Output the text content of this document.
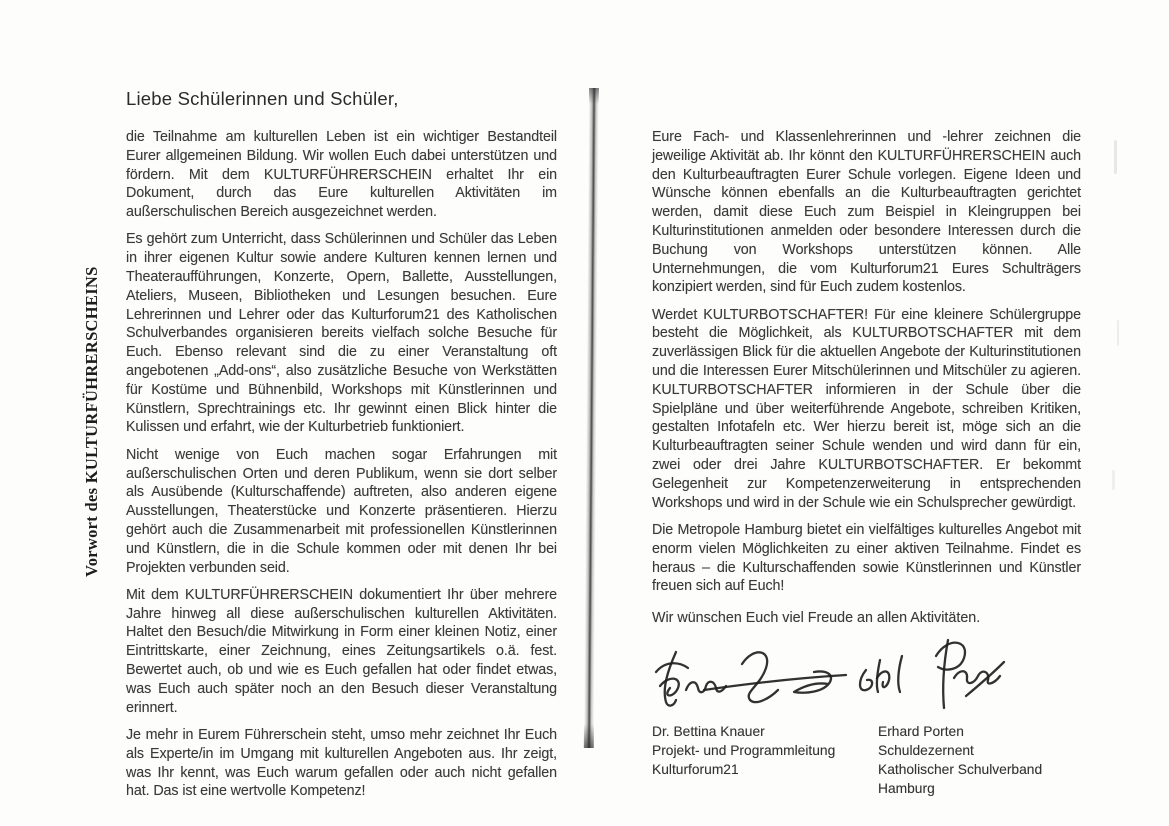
Vorwort des KULTURFÜHRERSCHEINS
Liebe Schülerinnen und Schüler,

die Teilnahme am kulturellen Leben ist ein wichtiger Bestandteil Eurer allgemeinen Bildung. Wir wollen Euch dabei unterstützen und fördern. Mit dem KULTURFÜHRERSCHEIN erhaltet Ihr ein Dokument, durch das Eure kulturellen Aktivitäten im außerschulischen Bereich ausgezeichnet werden.

Es gehört zum Unterricht, dass Schülerinnen und Schüler das Leben in ihrer eigenen Kultur sowie andere Kulturen kennen lernen und Theateraufführungen, Konzerte, Opern, Ballette, Ausstellungen, Ateliers, Museen, Bibliotheken und Lesungen besuchen. Eure Lehrerinnen und Lehrer oder das Kulturforum21 des Katholischen Schulverbandes organisieren bereits vielfach solche Besuche für Euch. Ebenso relevant sind die zu einer Veranstaltung oft angebotenen „Add-ons“, also zusätzliche Besuche von Werkstätten für Kostüme und Bühnenbild, Workshops mit Künstlerinnen und Künstlern, Sprechtrainings etc. Ihr gewinnt einen Blick hinter die Kulissen und erfahrt, wie der Kulturbetrieb funktioniert.

Nicht wenige von Euch machen sogar Erfahrungen mit außerschulischen Orten und deren Publikum, wenn sie dort selber als Ausübende (Kulturschaffende) auftreten, also anderen eigene Ausstellungen, Theaterstücke und Konzerte präsentieren. Hierzu gehört auch die Zusammenarbeit mit professionellen Künstlerinnen und Künstlern, die in die Schule kommen oder mit denen Ihr bei Projekten verbunden seid.

Mit dem KULTURFÜHRERSCHEIN dokumentiert Ihr über mehrere Jahre hinweg all diese außerschulischen kulturellen Aktivitäten. Haltet den Besuch/die Mitwirkung in Form einer kleinen Notiz, einer Eintrittskarte, einer Zeichnung, eines Zeitungsartikels o.ä. fest. Bewertet auch, ob und wie es Euch gefallen hat oder findet etwas, was Euch auch später noch an den Besuch dieser Veranstaltung erinnert.

Je mehr in Eurem Führerschein steht, umso mehr zeichnet Ihr Euch als Experte/in im Umgang mit kulturellen Angeboten aus. Ihr zeigt, was Ihr kennt, was Euch warum gefallen oder auch nicht gefallen hat. Das ist eine wertvolle Kompetenz!

Eure Fach- und Klassenlehrerinnen und -lehrer zeichnen die jeweilige Aktivität ab. Ihr könnt den KULTURFÜHRERSCHEIN auch den Kulturbeauftragten Eurer Schule vorlegen. Eigene Ideen und Wünsche können ebenfalls an die Kulturbeauftragten gerichtet werden, damit diese Euch zum Beispiel in Kleingruppen bei Kulturinstitutionen anmelden oder besondere Interessen durch die Buchung von Workshops unterstützen können. Alle Unternehmungen, die vom Kulturforum21 Eures Schulträgers konzipiert werden, sind für Euch zudem kostenlos.

Werdet KULTURBOTSCHAFTER! Für eine kleinere Schülergruppe besteht die Möglichkeit, als KULTURBOTSCHAFTER mit dem zuverlässigen Blick für die aktuellen Angebote der Kulturinstitutionen und die Interessen Eurer Mitschülerinnen und Mitschüler zu agieren. KULTURBOTSCHAFTER informieren in der Schule über die Spielpläne und über weiterführende Angebote, schreiben Kritiken, gestalten Infotafeln etc. Wer hierzu bereit ist, möge sich an die Kulturbeauftragten seiner Schule wenden und wird dann für ein, zwei oder drei Jahre KULTURBOTSCHAFTER. Er bekommt Gelegenheit zur Kompetenzerweiterung in entsprechenden Workshops und wird in der Schule wie ein Schulsprecher gewürdigt.

Die Metropole Hamburg bietet ein vielfältiges kulturelles Angebot mit enorm vielen Möglichkeiten zu einer aktiven Teilnahme. Findet es heraus – die Kulturschaffenden sowie Künstlerinnen und Künstler freuen sich auf Euch!

Wir wünschen Euch viel Freude an allen Aktivitäten.

Dr. Bettina Knauer
Projekt- und Programmleitung
Kulturforum21
Erhard Porten
Schuldezernent
Katholischer Schulverband Hamburg
